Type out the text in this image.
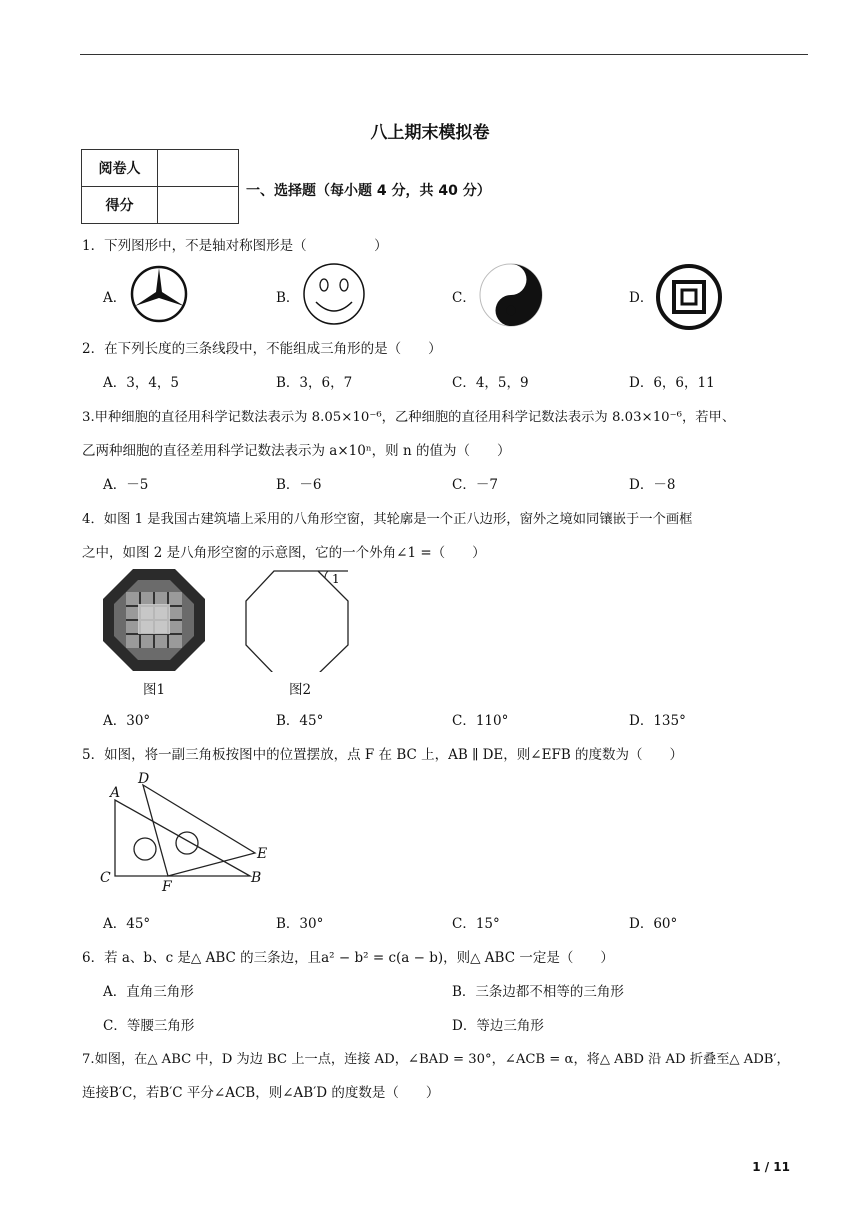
八上期末模拟卷
阅卷人	
得分	
一、选择题（每小题 4 分，共 40 分）
1．下列图形中，不是轴对称图形是（　　　　　）
A．	B．	C．	D．
2．在下列长度的三条线段中，不能组成三角形的是（　　）
A．3，4，5	B．3，6，7	C．4，5，9	D．6，6，11
3.甲种细胞的直径用科学记数法表示为 8.05×10⁻⁶，乙种细胞的直径用科学记数法表示为 8.03×10⁻⁶，若甲、
乙两种细胞的直径差用科学记数法表示为 a×10ⁿ，则 n 的值为（　　）
A．－5	B．－6	C．－7	D．－8
4．如图 1 是我国古建筑墙上采用的八角形空窗，其轮廓是一个正八边形，窗外之境如同镶嵌于一个画框
之中，如图 2 是八角形空窗的示意图，它的一个外角∠1 =（　　）
图1
1
图2
A．30°	B．45°	C．110°	D．135°
5．如图，将一副三角板按图中的位置摆放，点 F 在 BC 上，AB ∥ DE，则∠EFB 的度数为（　　）
A
D
C
F
B
E
A．45°	B．30°	C．15°	D．60°
6．若 a、b、c 是△ ABC 的三条边，且a² − b² = c(a − b)，则△ ABC 一定是（　　）
A．直角三角形	B．三条边都不相等的三角形
C．等腰三角形	D．等边三角形
7.如图，在△ ABC 中，D 为边 BC 上一点，连接 AD，∠BAD = 30°，∠ACB = α，将△ ABD 沿 AD 折叠至△ ADB′，
连接B′C，若B′C 平分∠ACB，则∠AB′D 的度数是（　　）
1 / 11
